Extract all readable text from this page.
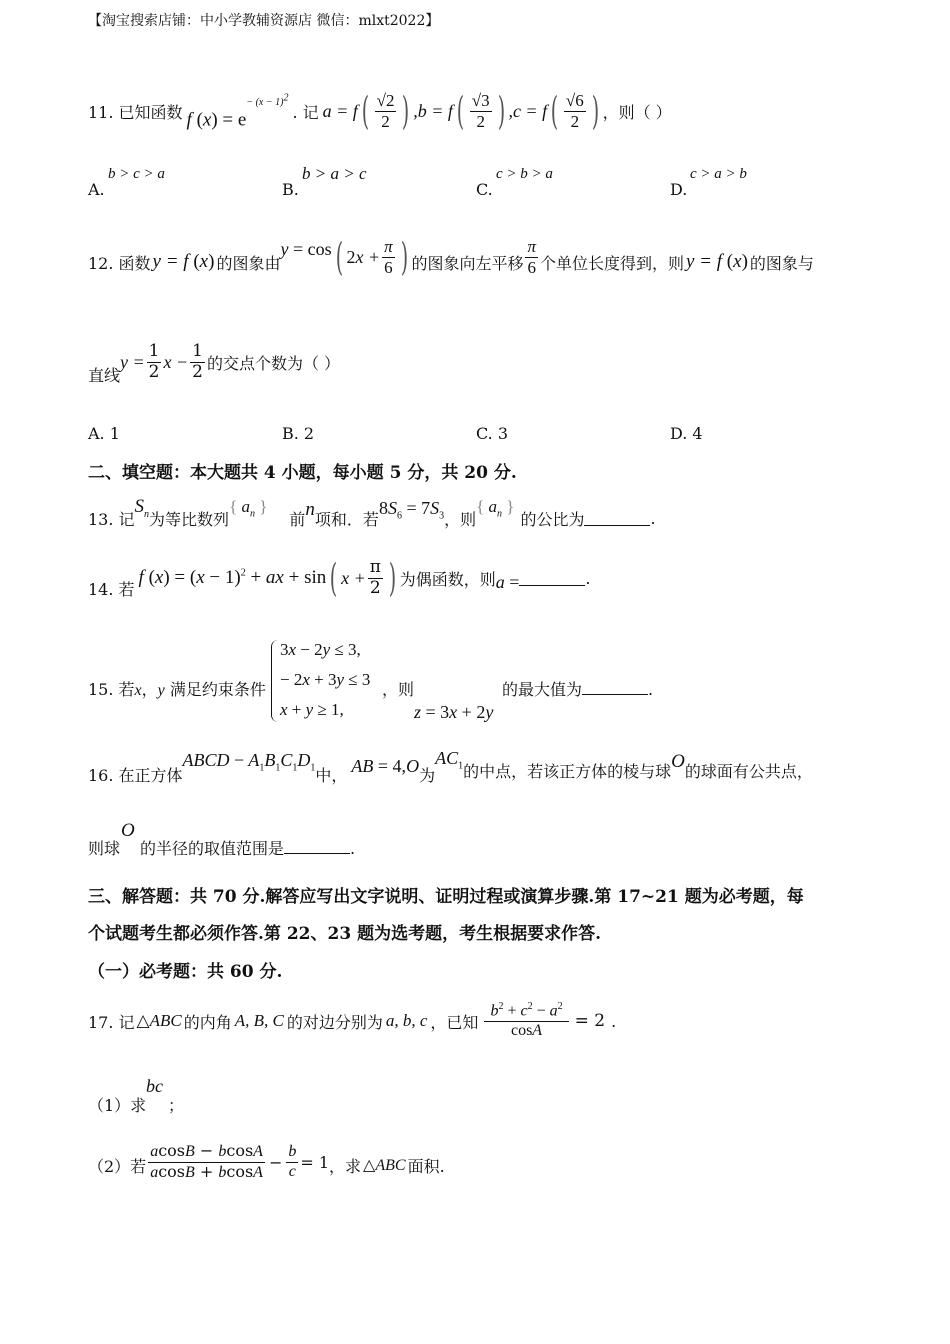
【淘宝搜索店铺：中小学教辅资源店 微信：mlxt2022】
11. 已知函数 f $(x) = e^{- (x - 1)^2}$
. 记 a = f ( $\frac{√2}{2}$ ) ,b = f ( $\frac{√3}{2}$ ) ,c = f ( $\frac{√6}{2}$ ) ，则（ ）
A.
b > c > a
B.
b > a > c
C.
c > b > a
D.
c > a > b
12. 函数 y = f (x) 的图象由
y = cos ( $2x + \frac{\pi}{6}$ ) 的图象向左平移 $\frac{\pi}{6}$ 个单位长度得到，则 y = f (x) 的图象与
直线
$y = \frac{1}{2}$ $x - \frac{1}{2}$ 的交点个数为（ ）
A. 1	B. 2	C. 3	D. 4
二、填空题：本大题共 4 小题，每小题 5 分，共 20 分.
13. 记
$S_n$ 为等比数列
{ $a_n$ }
前 n 项和．若
$8S_6 = 7S_3$ ，则
{ $a_n$ }
的公比为	.
14. 若
f $(x) = (x - 1)^2$ + ax + sin ( $x + \frac{\pi}{2}$ ) 为偶函数，则 a =	.
15. 若x，y 满足约束条件
3x − 2y ≤ 3,
− 2x + 3y ≤ 3
x + y ≥ 1,
，则
z = 3x + 2y
的最大值为	.
16. 在正方体
ABCD − $A_1B_1C_1D_1$ 中， AB = 4,O 为
$AC_1$ 的中点，若该正方体的棱与球 O 的球面有公共点，
则球
O
的半径的取值范围是	.
三、解答题：共 70 分.解答应写出文字说明、证明过程或演算步骤.第 17~21 题为必考题，每
个试题考生都必须作答.第 22、23 题为选考题，考生根据要求作答.
（一）必考题：共 60 分.
17. 记 △ABC 的内角 A, B, C 的对边分别为 a, b, c ，已知 $\frac{b^2 + c^2 - a^2}{\cos A} = 2$ .
（1）求
bc
；
（2）若 $\frac{acosB - bcosA}{acosB + bcosA} - \frac{b}{c} = 1$ ，求 △ABC 面积.
